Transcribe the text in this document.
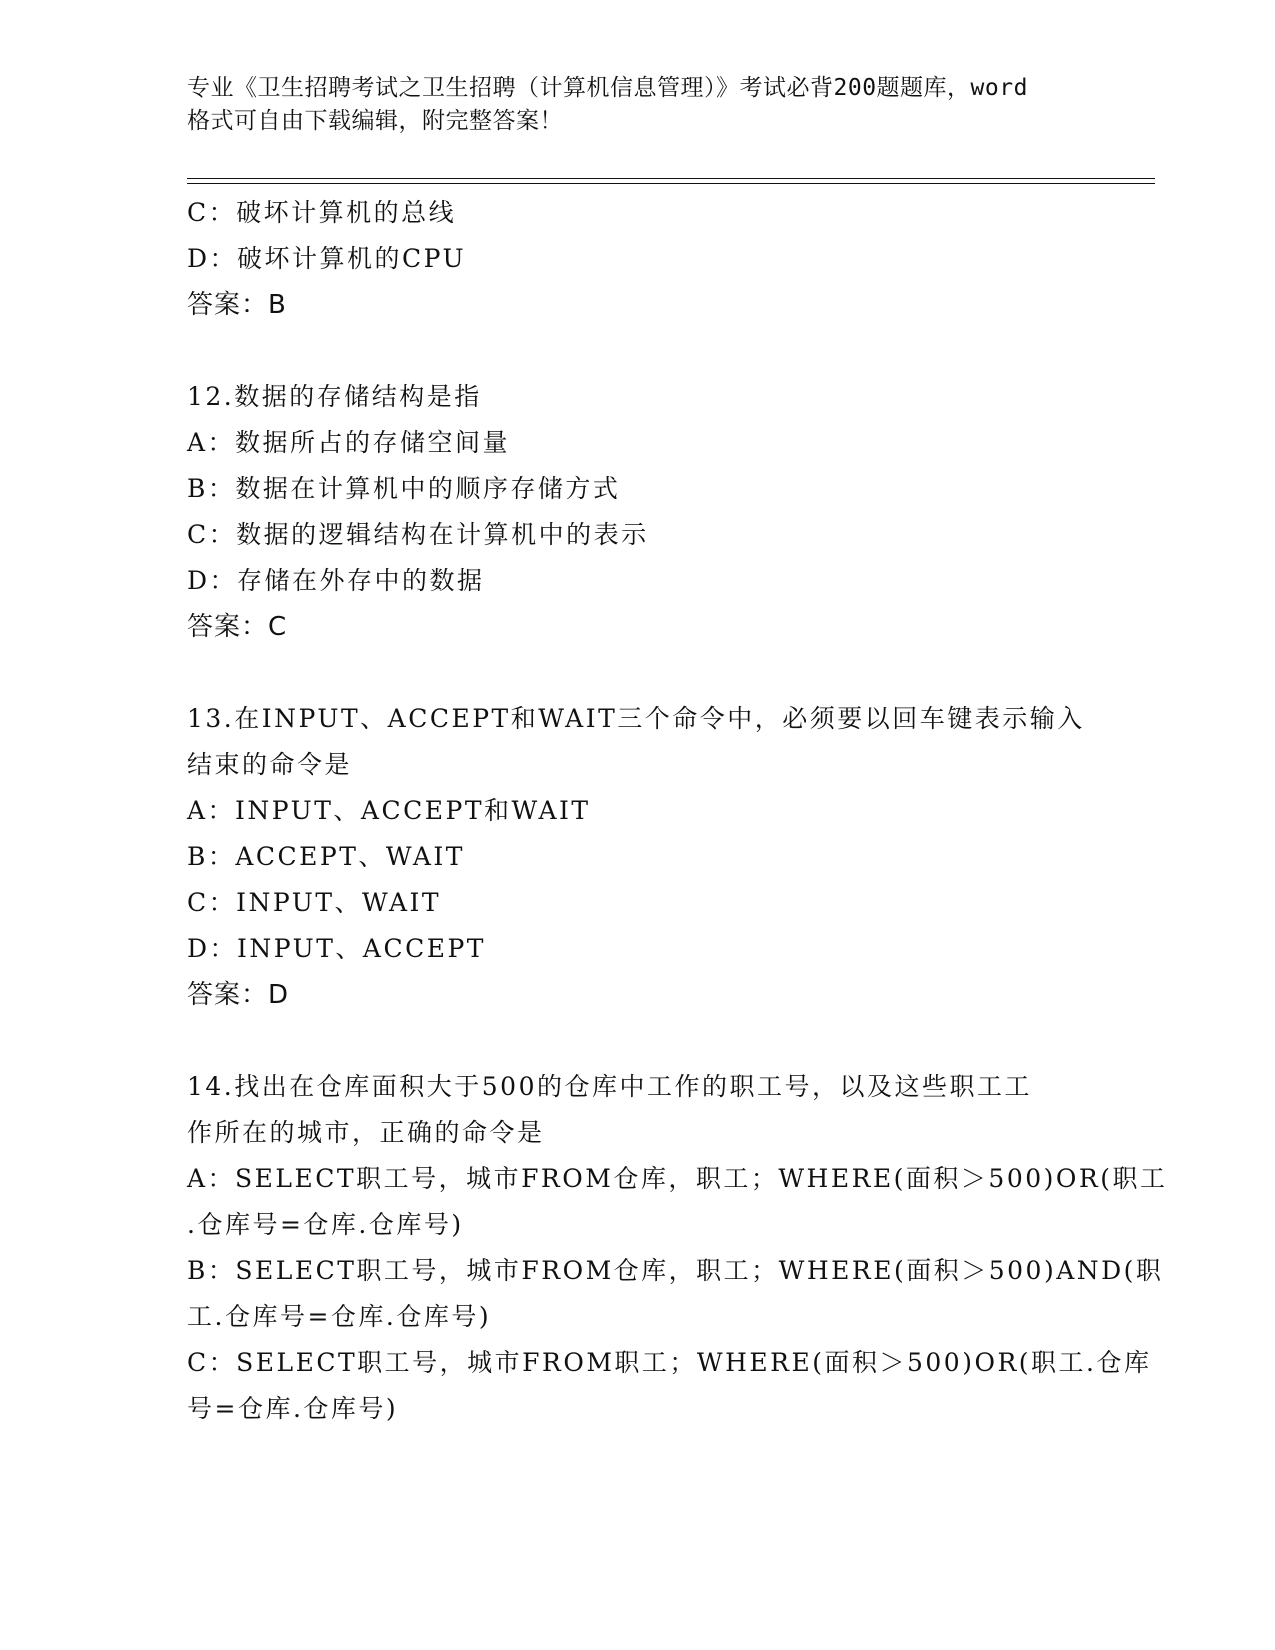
专业《卫生招聘考试之卫生招聘（计算机信息管理）》考试必背200题题库，word
格式可自由下载编辑，附完整答案！
C：破坏计算机的总线
D：破坏计算机的CPU
答案：B
12.数据的存储结构是指
A：数据所占的存储空间量
B：数据在计算机中的顺序存储方式
C：数据的逻辑结构在计算机中的表示
D：存储在外存中的数据
答案：C
13.在INPUT、ACCEPT和WAIT三个命令中，必须要以回车键表示输入
结束的命令是
A：INPUT、ACCEPT和WAIT
B：ACCEPT、WAIT
C：INPUT、WAIT
D：INPUT、ACCEPT
答案：D
14.找出在仓库面积大于500的仓库中工作的职工号，以及这些职工工
作所在的城市，正确的命令是
A：SELECT职工号，城市FROM仓库，职工；WHERE(面积＞500)OR(职工
.仓库号=仓库.仓库号)
B：SELECT职工号，城市FROM仓库，职工；WHERE(面积＞500)AND(职
工.仓库号=仓库.仓库号)
C：SELECT职工号，城市FROM职工；WHERE(面积＞500)OR(职工.仓库
号=仓库.仓库号)
